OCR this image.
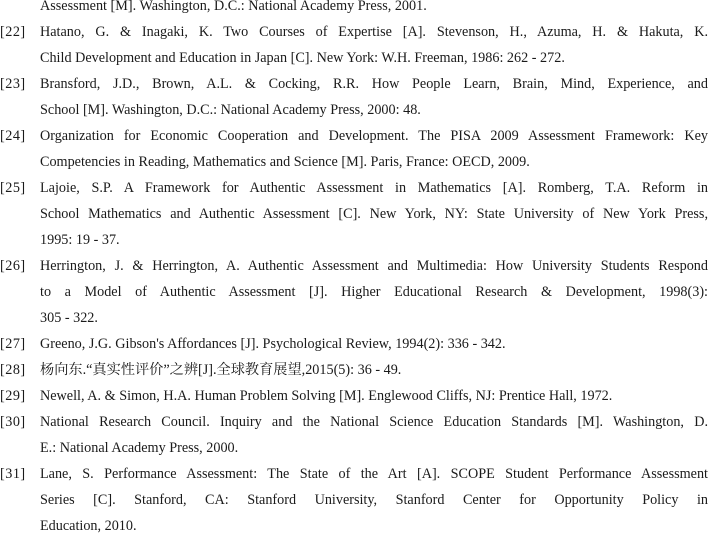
Assessment [M]. Washington, D.C.: National Academy Press, 2001.
[22]	Hatano, G. & Inagaki, K. Two Courses of Expertise [A]. Stevenson, H., Azuma, H. & Hakuta, K.
Child Development and Education in Japan [C]. New York: W.H. Freeman, 1986: 262 - 272.
[23]	Bransford, J.D., Brown, A.L. & Cocking, R.R. How People Learn, Brain, Mind, Experience, and
School [M]. Washington, D.C.: National Academy Press, 2000: 48.
[24]	Organization for Economic Cooperation and Development. The PISA 2009 Assessment Framework: Key
Competencies in Reading, Mathematics and Science [M]. Paris, France: OECD, 2009.
[25]	Lajoie, S.P. A Framework for Authentic Assessment in Mathematics [A]. Romberg, T.A. Reform in
School Mathematics and Authentic Assessment [C]. New York, NY: State University of New York Press,
1995: 19 - 37.
[26]	Herrington, J. & Herrington, A. Authentic Assessment and Multimedia: How University Students Respond
to a Model of Authentic Assessment [J]. Higher Educational Research & Development, 1998(3):
305 - 322.
[27]	Greeno, J.G. Gibson's Affordances [J]. Psychological Review, 1994(2): 336 - 342.
[28]	杨向东.“真实性评价”之辨[J].全球教育展望,2015(5): 36 - 49.
[29]	Newell, A. & Simon, H.A. Human Problem Solving [M]. Englewood Cliffs, NJ: Prentice Hall, 1972.
[30]	National Research Council. Inquiry and the National Science Education Standards [M]. Washington, D.
E.: National Academy Press, 2000.
[31]	Lane, S. Performance Assessment: The State of the Art [A]. SCOPE Student Performance Assessment
Series [C]. Stanford, CA: Stanford University, Stanford Center for Opportunity Policy in
Education, 2010.
